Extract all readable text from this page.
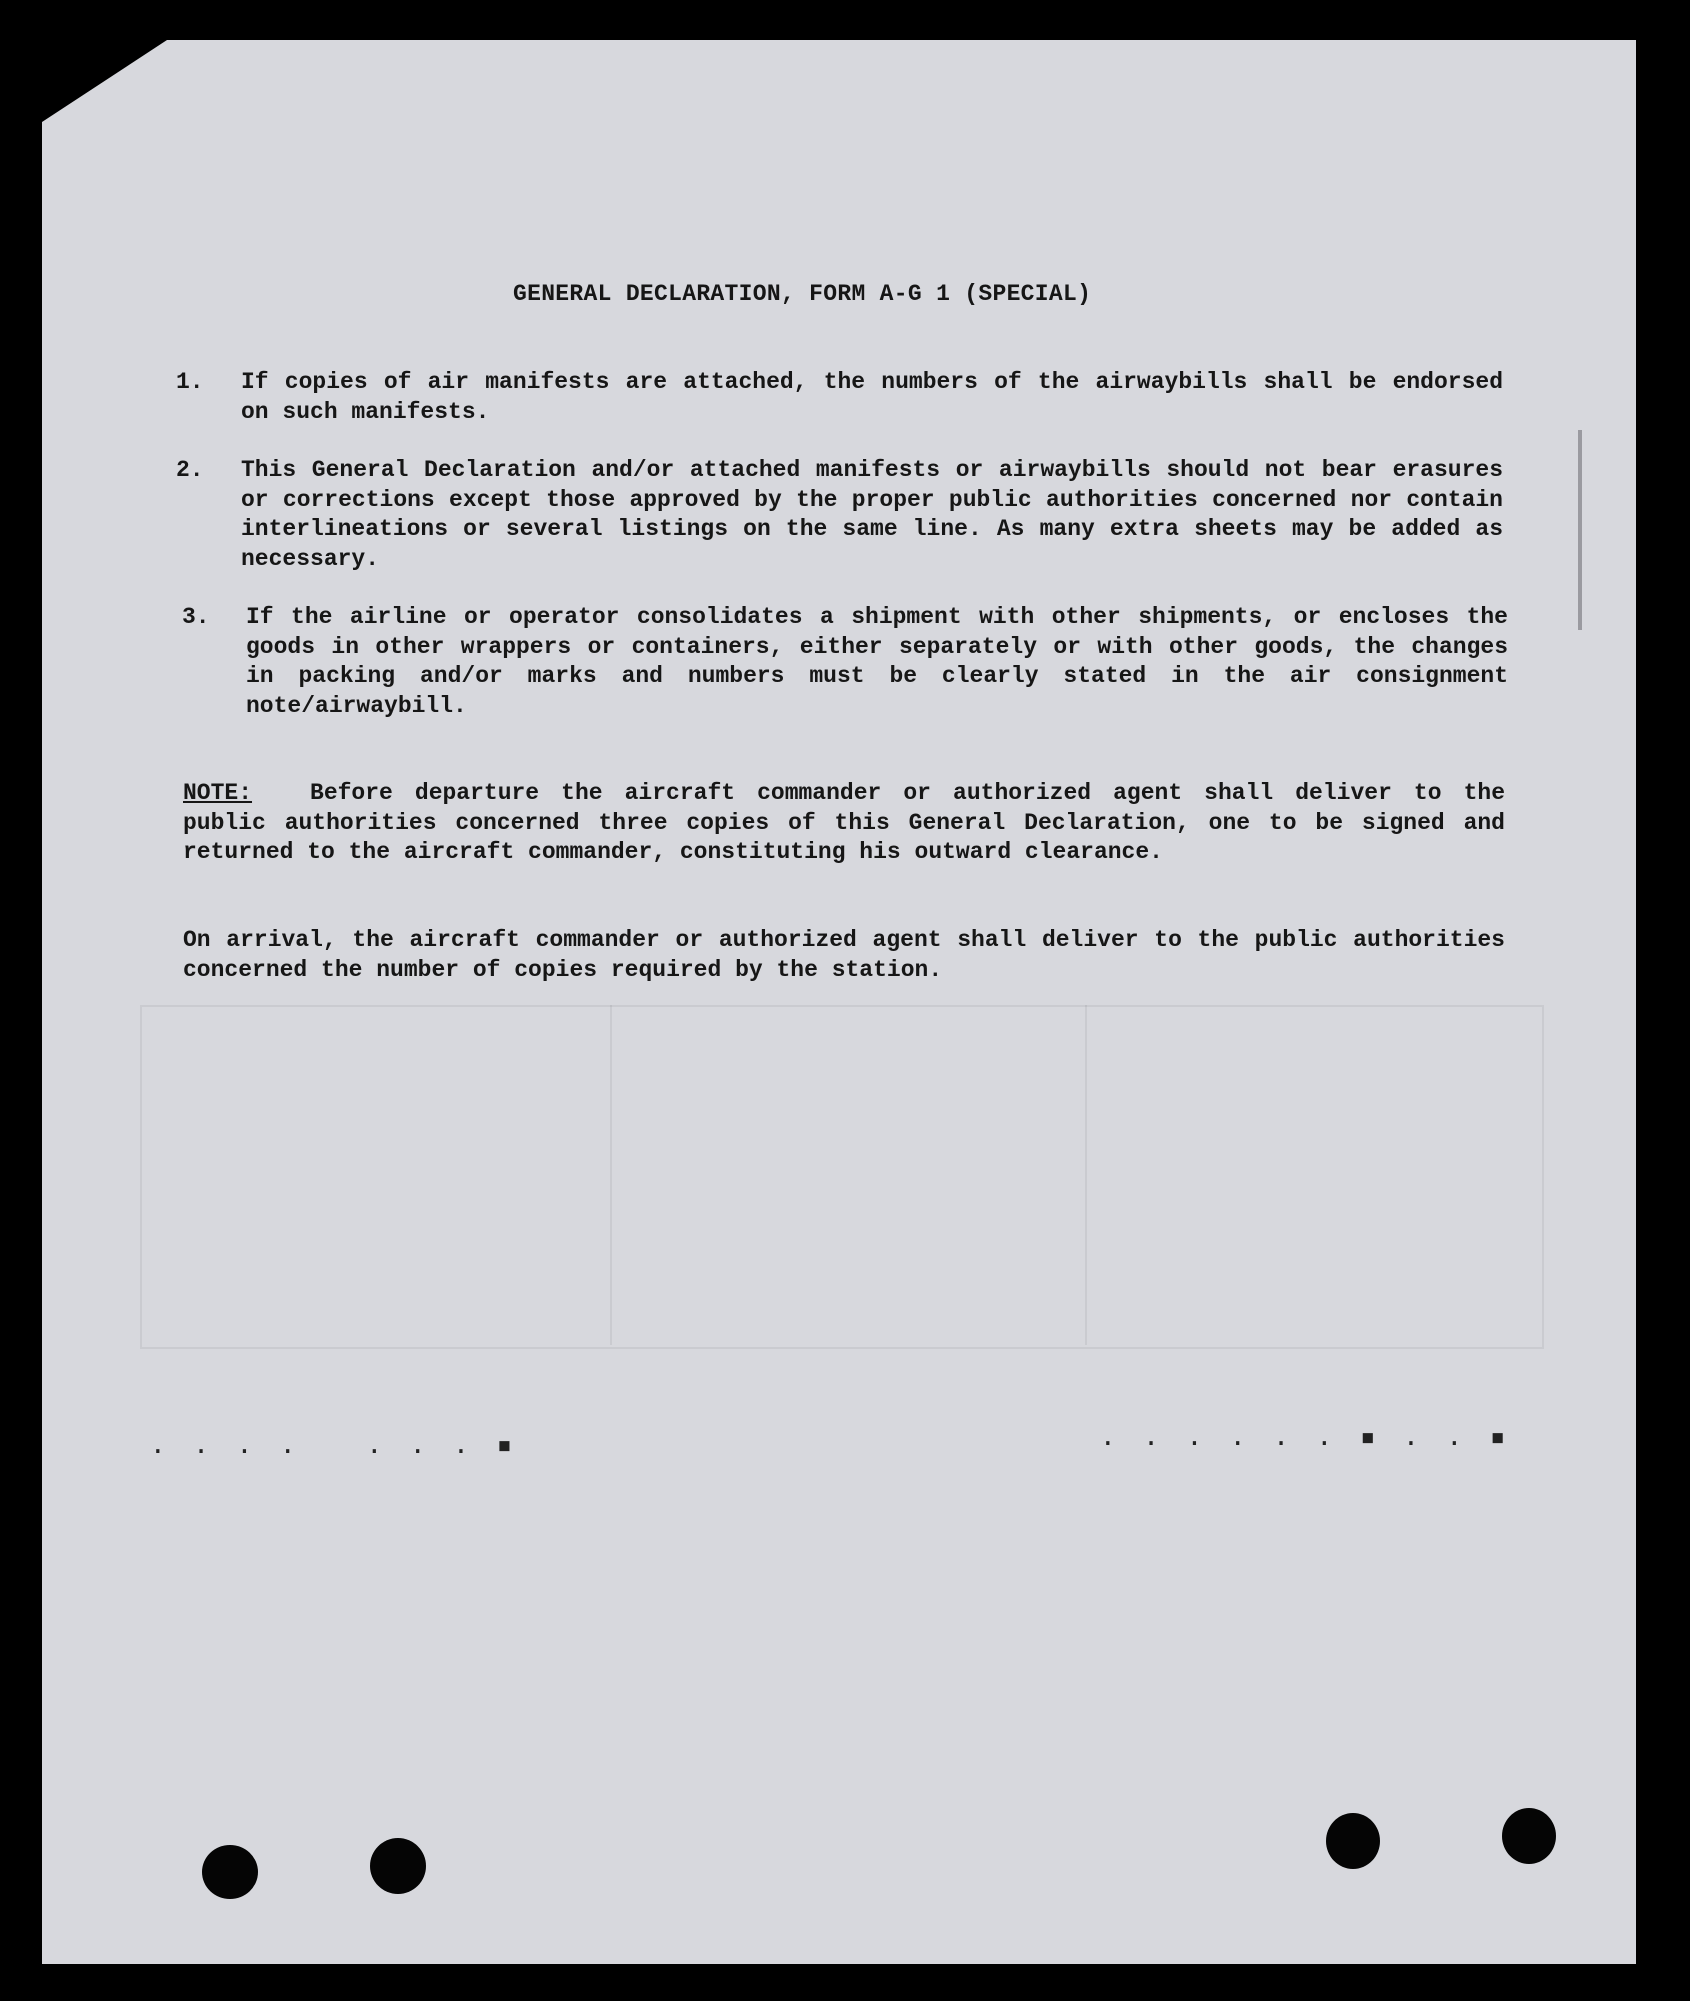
. . . .   . . . ▪	. . . . . . ▪ . . ▪
GENERAL DECLARATION, FORM A-G 1 (SPECIAL)
1. If copies of air manifests are attached, the numbers of the airwaybills shall be endorsed on such manifests.
2. This General Declaration and/or attached manifests or airwaybills should not bear erasures or corrections except those approved by the proper public authorities concerned nor contain interlineations or several listings on the same line. As many extra sheets may be added as necessary.
3. If the airline or operator consolidates a shipment with other shipments, or encloses the goods in other wrappers or containers, either separately or with other goods, the changes in packing and/or marks and numbers must be clearly stated in the air consignment note/airwaybill.
NOTE:	Before departure the aircraft commander or authorized agent shall deliver to the public authorities concerned three copies of this General Declaration, one to be signed and returned to the aircraft commander, constituting his outward clearance.
On arrival, the aircraft commander or authorized agent shall deliver to the public authorities concerned the number of copies required by the station.
